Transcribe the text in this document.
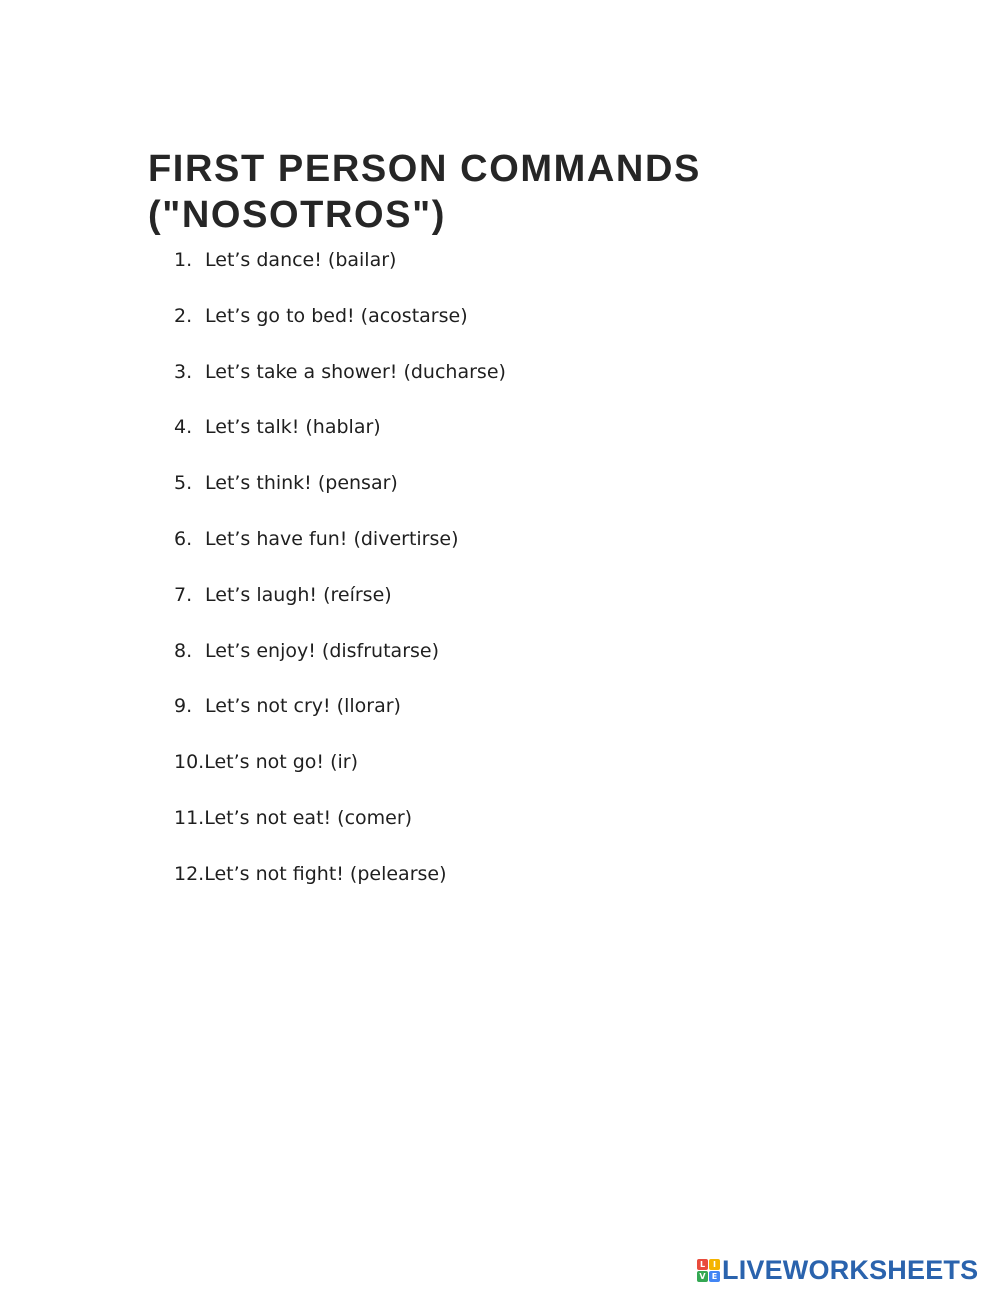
FIRST PERSON COMMANDS
("NOSOTROS")
1. Let’s dance! (bailar)
2. Let’s go to bed! (acostarse)
3. Let’s take a shower! (ducharse)
4. Let’s talk! (hablar)
5. Let’s think! (pensar)
6. Let’s have fun! (divertirse)
7. Let’s laugh! (reírse)
8. Let’s enjoy! (disfrutarse)
9. Let’s not cry! (llorar)
10.Let’s not go! (ir)
11.Let’s not eat! (comer)
12.Let’s not fight! (pelearse)
L I
V E LIVEWORKSHEETS
